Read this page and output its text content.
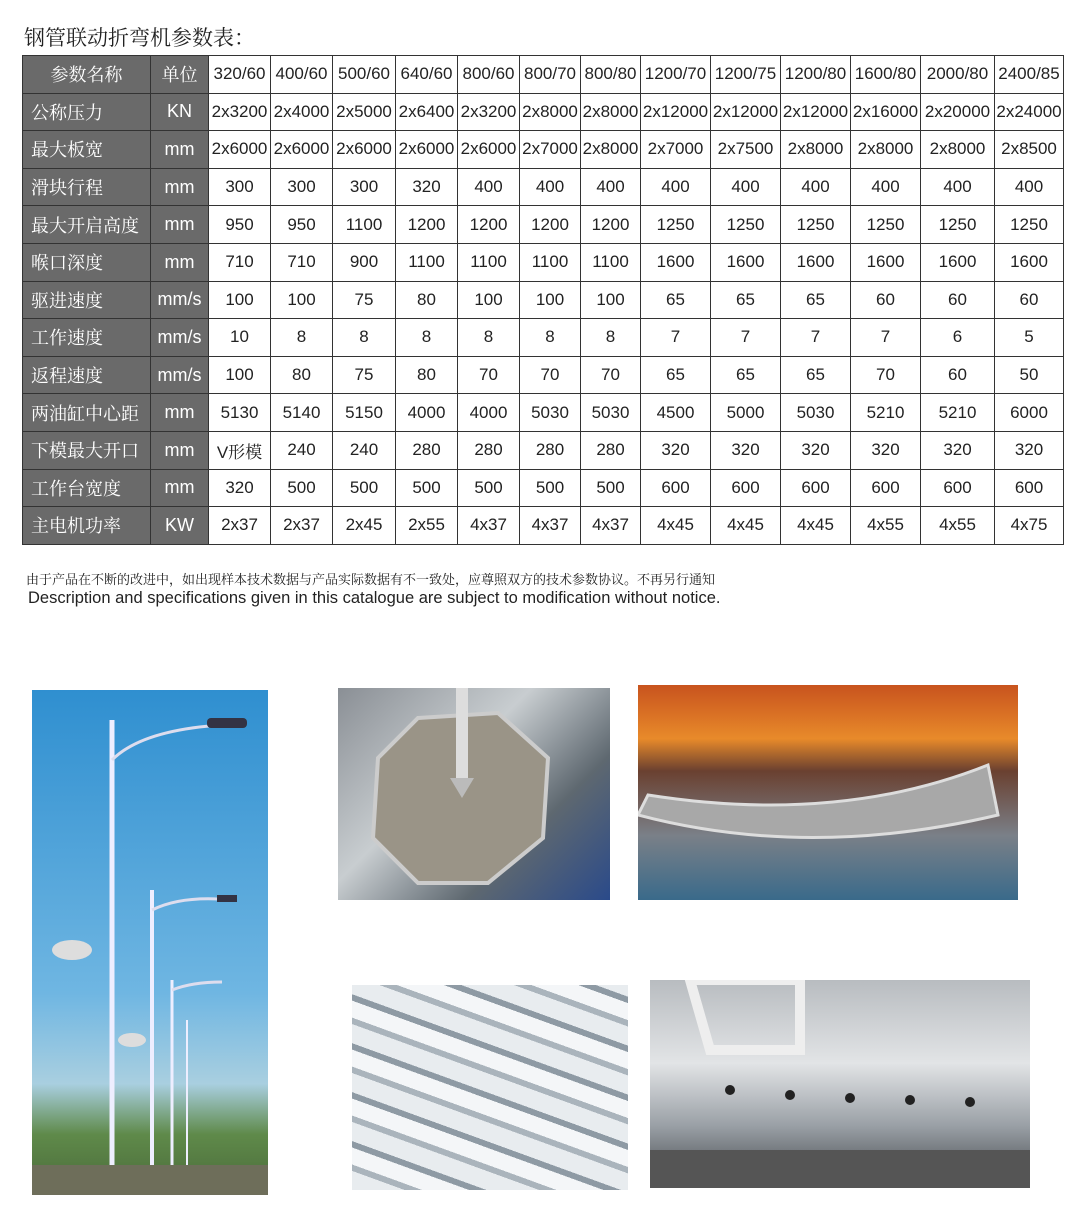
钢管联动折弯机参数表：
参数名称	单位	320/60	400/60	500/60	640/60	800/60	800/70	800/80	1200/70	1200/75	1200/80	1600/80	2000/80	2400/85
公称压力	KN	2x3200	2x4000	2x5000	2x6400	2x3200	2x8000	2x8000	2x12000	2x12000	2x12000	2x16000	2x20000	2x24000
最大板宽	mm	2x6000	2x6000	2x6000	2x6000	2x6000	2x7000	2x8000	2x7000	2x7500	2x8000	2x8000	2x8000	2x8500
滑块行程	mm	300	300	300	320	400	400	400	400	400	400	400	400	400
最大开启高度	mm	950	950	1100	1200	1200	1200	1200	1250	1250	1250	1250	1250	1250
喉口深度	mm	710	710	900	1100	1100	1100	1100	1600	1600	1600	1600	1600	1600
驱进速度	mm/s	100	100	75	80	100	100	100	65	65	65	60	60	60
工作速度	mm/s	10	8	8	8	8	8	8	7	7	7	7	6	5
返程速度	mm/s	100	80	75	80	70	70	70	65	65	65	70	60	50
两油缸中心距	mm	5130	5140	5150	4000	4000	5030	5030	4500	5000	5030	5210	5210	6000
下模最大开口	mm	V形模	240	240	280	280	280	280	320	320	320	320	320	320
工作台宽度	mm	320	500	500	500	500	500	500	600	600	600	600	600	600
主电机功率	KW	2x37	2x37	2x45	2x55	4x37	4x37	4x37	4x45	4x45	4x45	4x55	4x55	4x75
由于产品在不断的改进中，如出现样本技术数据与产品实际数据有不一致处，应尊照双方的技术参数协议。不再另行通知
Description and specifications given in this catalogue are subject to modification without notice.
